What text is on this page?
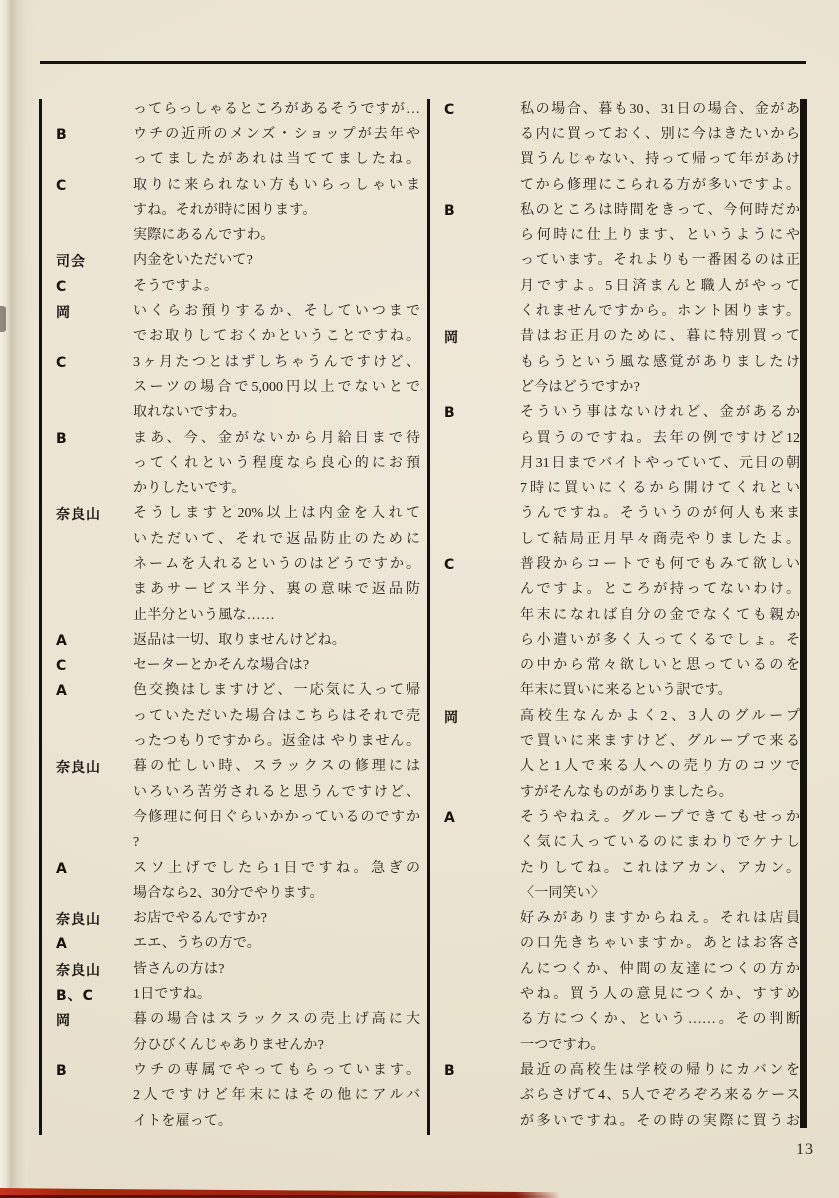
ってらっしゃるところがあるそうですが…
B	ウチの近所のメンズ・ショップが去年や
ってましたがあれは当ててましたね。
C	取りに来られない方もいらっしゃいま
すね。それが時に困ります。
実際にあるんですわ。
司会	内金をいただいて?
C	そうですよ。
岡	いくらお預りするか、そしていつまで
でお取りしておくかということですね。
C	3ヶ月たつとはずしちゃうんですけど、
スーツの場合で5,000円以上でないとで
取れないですわ。
B	まあ、今、金がないから月給日まで待
ってくれという程度なら良心的にお預
かりしたいです。
奈良山	そうしますと20%以上は内金を入れて
いただいて、それで返品防止のために
ネームを入れるというのはどうですか。
まあサービス半分、裏の意味で返品防
止半分という風な……
A	返品は一切、取りませんけどね。
C	セーターとかそんな場合は?
A	色交換はしますけど、一応気に入って帰
っていただいた場合はこちらはそれで売
ったつもりですから。返金は やりません。
奈良山	暮の忙しい時、スラックスの修理には
いろいろ苦労されると思うんですけど、
今修理に何日ぐらいかかっているのですか
?
A	スソ上げでしたら1日ですね。急ぎの
場合なら2、30分でやります。
奈良山	お店でやるんですか?
A	エエ、うちの方で。
奈良山	皆さんの方は?
B、C	1日ですね。
岡	暮の場合はスラックスの売上げ高に大
分ひびくんじゃありませんか?
B	ウチの専属でやってもらっています。
2人ですけど年末にはその他にアルバ
イトを雇って。
C	私の場合、暮も30、31日の場合、金があ
る内に買っておく、別に今はきたいから
買うんじゃない、持って帰って年があけ
てから修理にこられる方が多いですよ。
B	私のところは時間をきって、今何時だか
ら何時に仕上ります、というようにや
っています。それよりも一番困るのは正
月ですよ。5日済まんと職人がやって
くれませんですから。ホント困ります。
岡	昔はお正月のために、暮に特別買って
もらうという風な感覚がありましたけ
ど今はどうですか?
B	そういう事はないけれど、金があるか
ら買うのですね。去年の例ですけど12
月31日までバイトやっていて、元日の朝
7時に買いにくるから開けてくれとい
うんですね。そういうのが何人も来ま
して結局正月早々商売やりましたよ。
C	普段からコートでも何でもみて欲しい
んですよ。ところが持ってないわけ。
年末になれば自分の金でなくても親か
ら小遣いが多く入ってくるでしょ。そ
の中から常々欲しいと思っているのを
年末に買いに来るという訳です。
岡	高校生なんかよく2、3人のグループ
で買いに来ますけど、グループで来る
人と1人で来る人への売り方のコツで
すがそんなものがありましたら。
A	そうやねえ。グループできてもせっか
く気に入っているのにまわりでケナし
たりしてね。これはアカン、アカン。
〈一同笑い〉
好みがありますからねえ。それは店員
の口先きちゃいますか。あとはお客さ
んにつくか、仲間の友達につくの方か
やね。買う人の意見につくか、すすめ
る方につくか、という……。その判断
一つですわ。
B	最近の高校生は学校の帰りにカバンを
ぶらさげて4、5人でぞろぞろ来るケース
が多いですね。その時の実際に買うお
13
